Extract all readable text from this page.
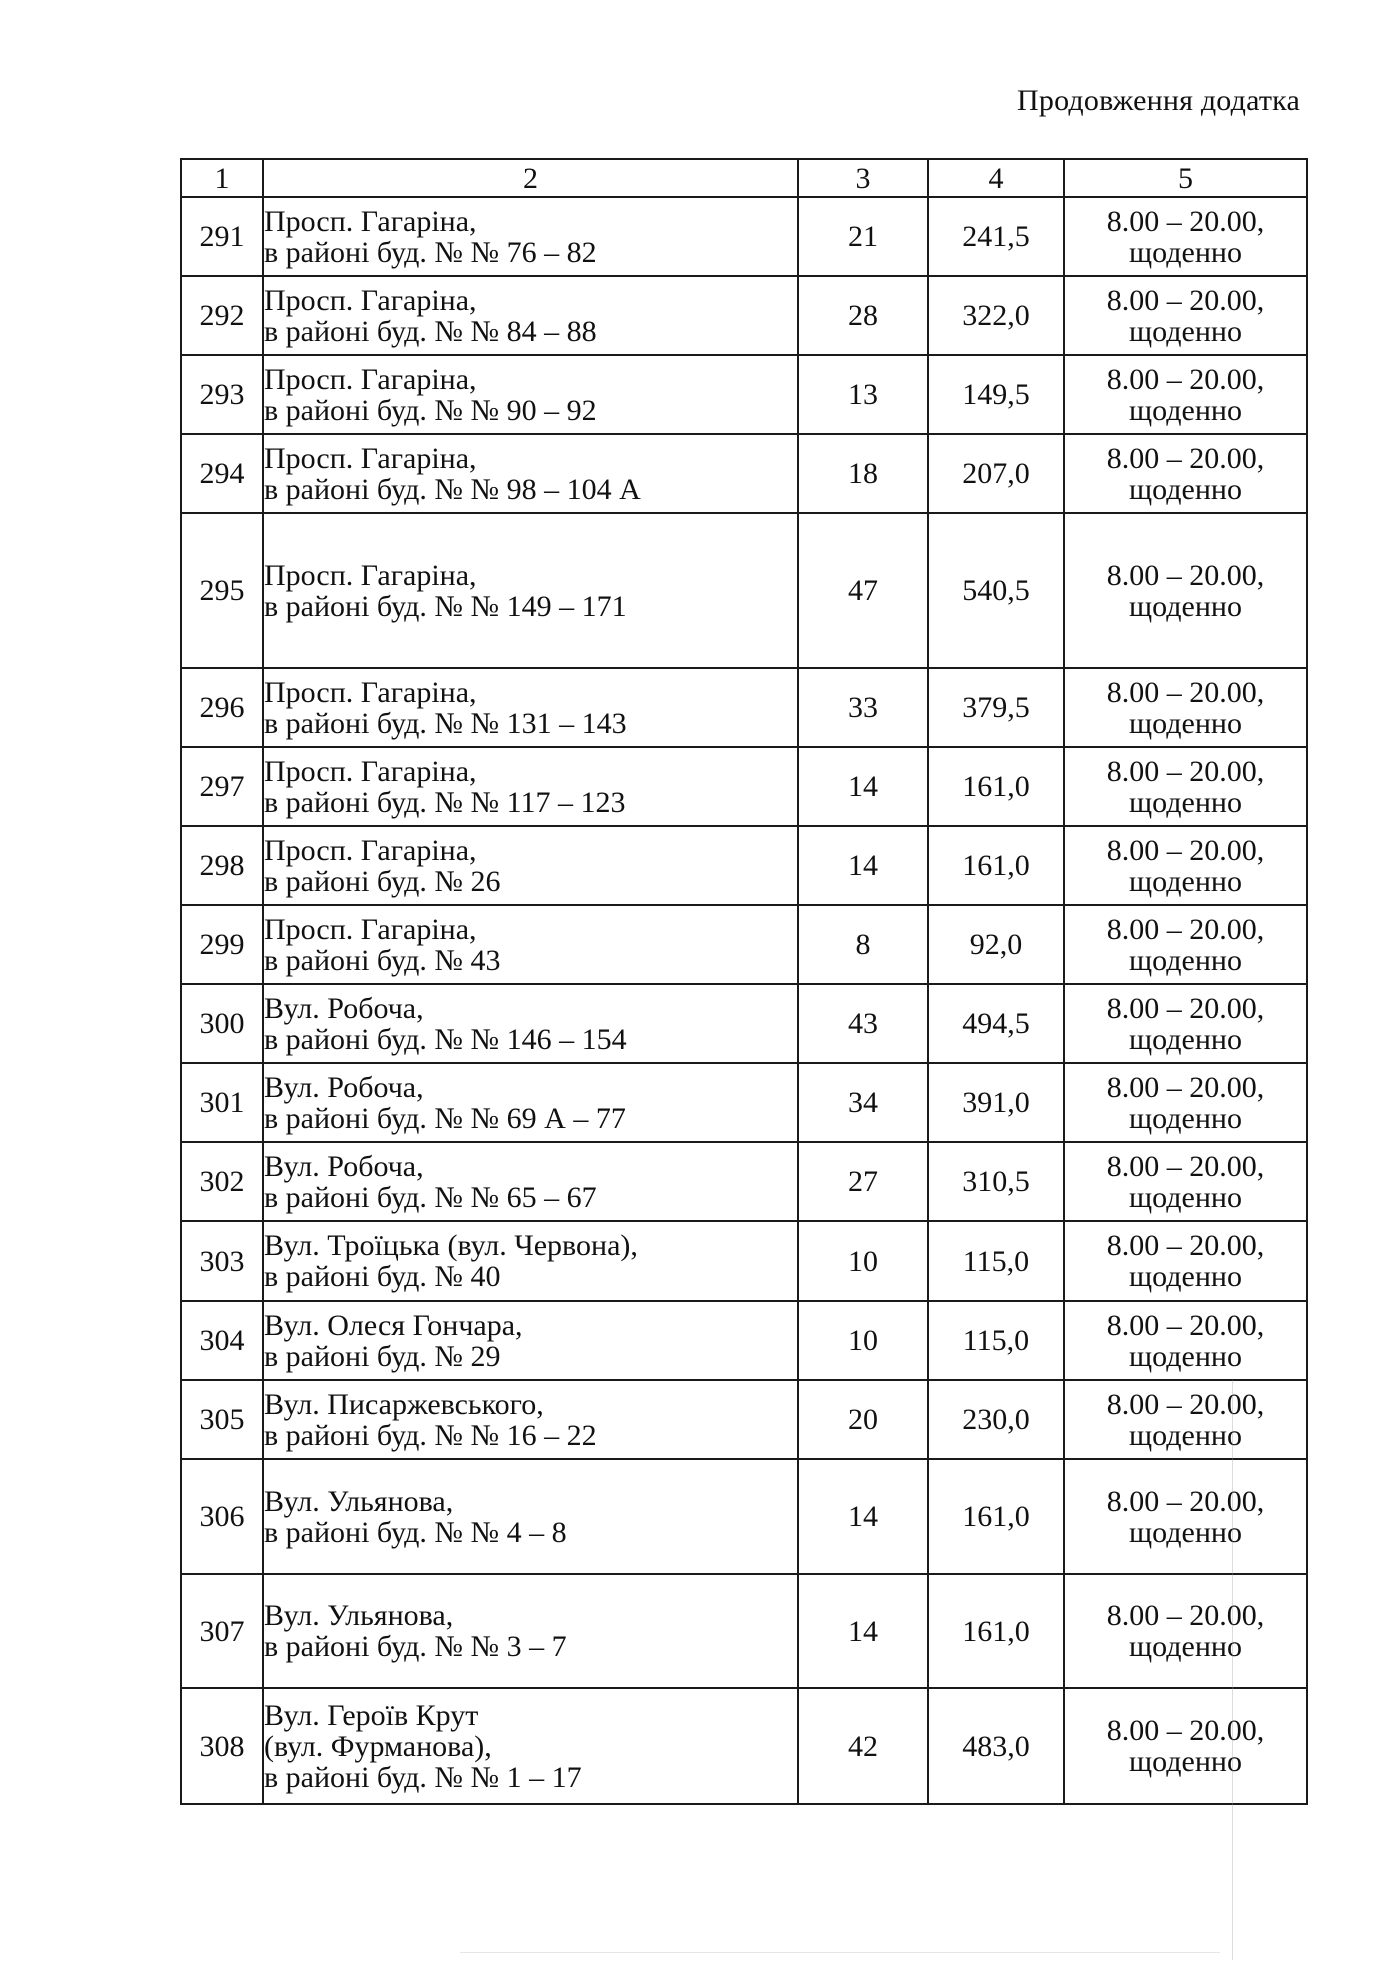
Продовження додатка
1	2	3	4	5
291	Просп. Гагаріна,
в районі буд. № № 76 – 82	21	241,5	8.00 – 20.00,
щоденно

292	Просп. Гагаріна,
в районі буд. № № 84 – 88	28	322,0	8.00 – 20.00,
щоденно

293	Просп. Гагаріна,
в районі буд. № № 90 – 92	13	149,5	8.00 – 20.00,
щоденно

294	Просп. Гагаріна,
в районі буд. № № 98 – 104 А	18	207,0	8.00 – 20.00,
щоденно

295	Просп. Гагаріна,
в районі буд. № № 149 – 171	47	540,5	8.00 – 20.00,
щоденно

296	Просп. Гагаріна,
в районі буд. № № 131 – 143	33	379,5	8.00 – 20.00,
щоденно

297	Просп. Гагаріна,
в районі буд. № № 117 – 123	14	161,0	8.00 – 20.00,
щоденно

298	Просп. Гагаріна,
в районі буд. № 26	14	161,0	8.00 – 20.00,
щоденно

299	Просп. Гагаріна,
в районі буд. № 43	8	92,0	8.00 – 20.00,
щоденно

300	Вул. Робоча,
в районі буд. № № 146 – 154	43	494,5	8.00 – 20.00,
щоденно

301	Вул. Робоча,
в районі буд. № № 69 А – 77	34	391,0	8.00 – 20.00,
щоденно

302	Вул. Робоча,
в районі буд. № № 65 – 67	27	310,5	8.00 – 20.00,
щоденно

303	Вул. Троїцька (вул. Червона),
в районі буд. № 40	10	115,0	8.00 – 20.00,
щоденно

304	Вул. Олеся Гончара,
в районі буд. № 29	10	115,0	8.00 – 20.00,
щоденно

305	Вул. Писаржевського,
в районі буд. № № 16 – 22	20	230,0	8.00 – 20.00,
щоденно

306	Вул. Ульянова,
в районі буд. № № 4 – 8	14	161,0	8.00 – 20.00,
щоденно

307	Вул. Ульянова,
в районі буд. № № 3 – 7	14	161,0	8.00 – 20.00,
щоденно

308	Вул. Героїв Крут
(вул. Фурманова),
в районі буд. № № 1 – 17	42	483,0	8.00 – 20.00,
щоденно
